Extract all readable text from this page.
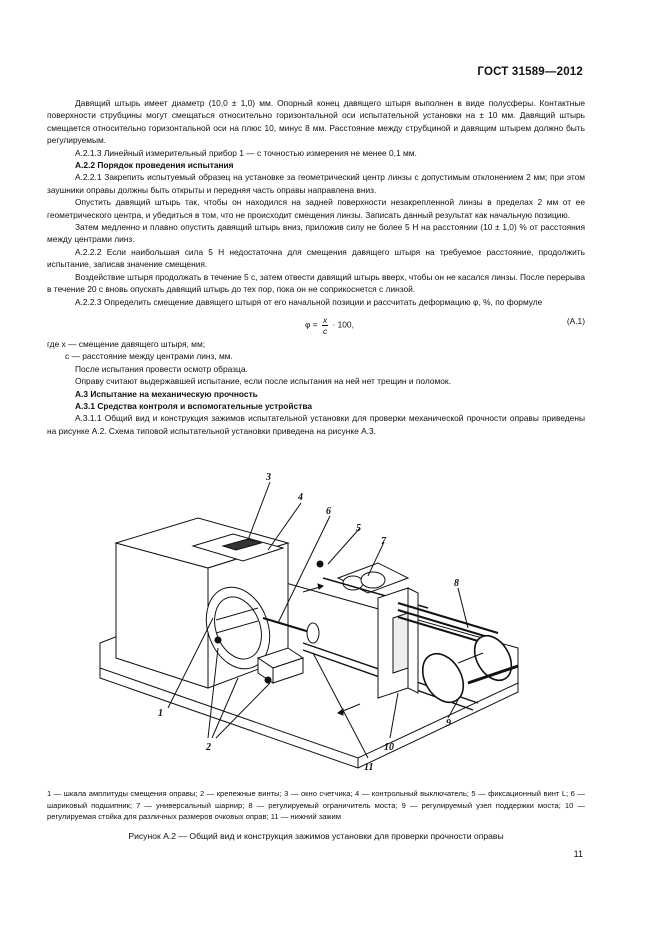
ГОСТ 31589—2012

Давящий штырь имеет диаметр (10,0 ± 1,0) мм. Опорный конец давящего штыря выполнен в виде полусферы. Контактные поверхности струбцины могут смещаться относительно горизонтальной оси испытательной установки на ± 10 мм. Давящий штырь смещается относительно горизонтальной оси на плюс 10, минус 8 мм. Расстояние между струбциной и давящим штырем должно быть регулируемым.

А.2.1.3 Линейный измерительный прибор 1 — с точностью измерения не менее 0,1 мм.

А.2.2 Порядок проведения испытания

А.2.2.1 Закрепить испытуемый образец на установке за геометрический центр линзы с допустимым отклонением 2 мм; при этом заушники оправы должны быть открыты и передняя часть оправы направлена вниз.

Опустить давящий штырь так, чтобы он находился на задней поверхности незакрепленной линзы в пределах 2 мм от ее геометрического центра, и убедиться в том, что не происходит смещения линзы. Записать данный результат как начальную позицию.

Затем медленно и плавно опустить давящий штырь вниз, приложив силу не более 5 Н на расстоянии (10 ± 1,0) % от расстояния между центрами линз.

А.2.2.2 Если наибольшая сила 5 Н недостаточна для смещения давящего штыря на требуемое расстояние, продолжить испытание, записав значение смещения.

Воздействие штыря продолжать в течение 5 с, затем отвести давящий штырь вверх, чтобы он не касался линзы. После перерыва в течение 20 с вновь опускать давящий штырь до тех пор, пока он не соприкоснется с линзой.

А.2.2.3 Определить смещение давящего штыря от его начальной позиции и рассчитать деформацию φ, %, по формуле

$\varphi = \frac{x}{c} \cdot 100$,	(А.1)

где x — смещение давящего штыря, мм;

c — расстояние между центрами линз, мм.

После испытания провести осмотр образца.

Оправу считают выдержавшей испытание, если после испытания на ней нет трещин и поломок.

А.3 Испытание на механическую прочность

А.3.1 Средства контроля и вспомогательные устройства

А.3.1.1 Общий вид и конструкция зажимов испытательной установки для проверки механической прочности оправы приведены на рисунке А.2. Схема типовой испытательной установки приведена на рисунке А.3.

1
2
3
4
5
6
7
8
9
10
11
1 — шкала амплитуды смещения оправы; 2 — крепежные винты; 3 — окно счетчика; 4 — контрольный выключатель; 5 — фиксационный винт L; 6 — шариковый подшипник; 7 — универсальный шарнир; 8 — регулируемый ограничитель моста; 9 — регулируемый узел поддержки моста; 10 — регулируемая стойка для различных размеров очковых оправ; 11 — нижний зажим
Рисунок А.2 — Общий вид и конструкция зажимов установки для проверки прочности оправы
11
